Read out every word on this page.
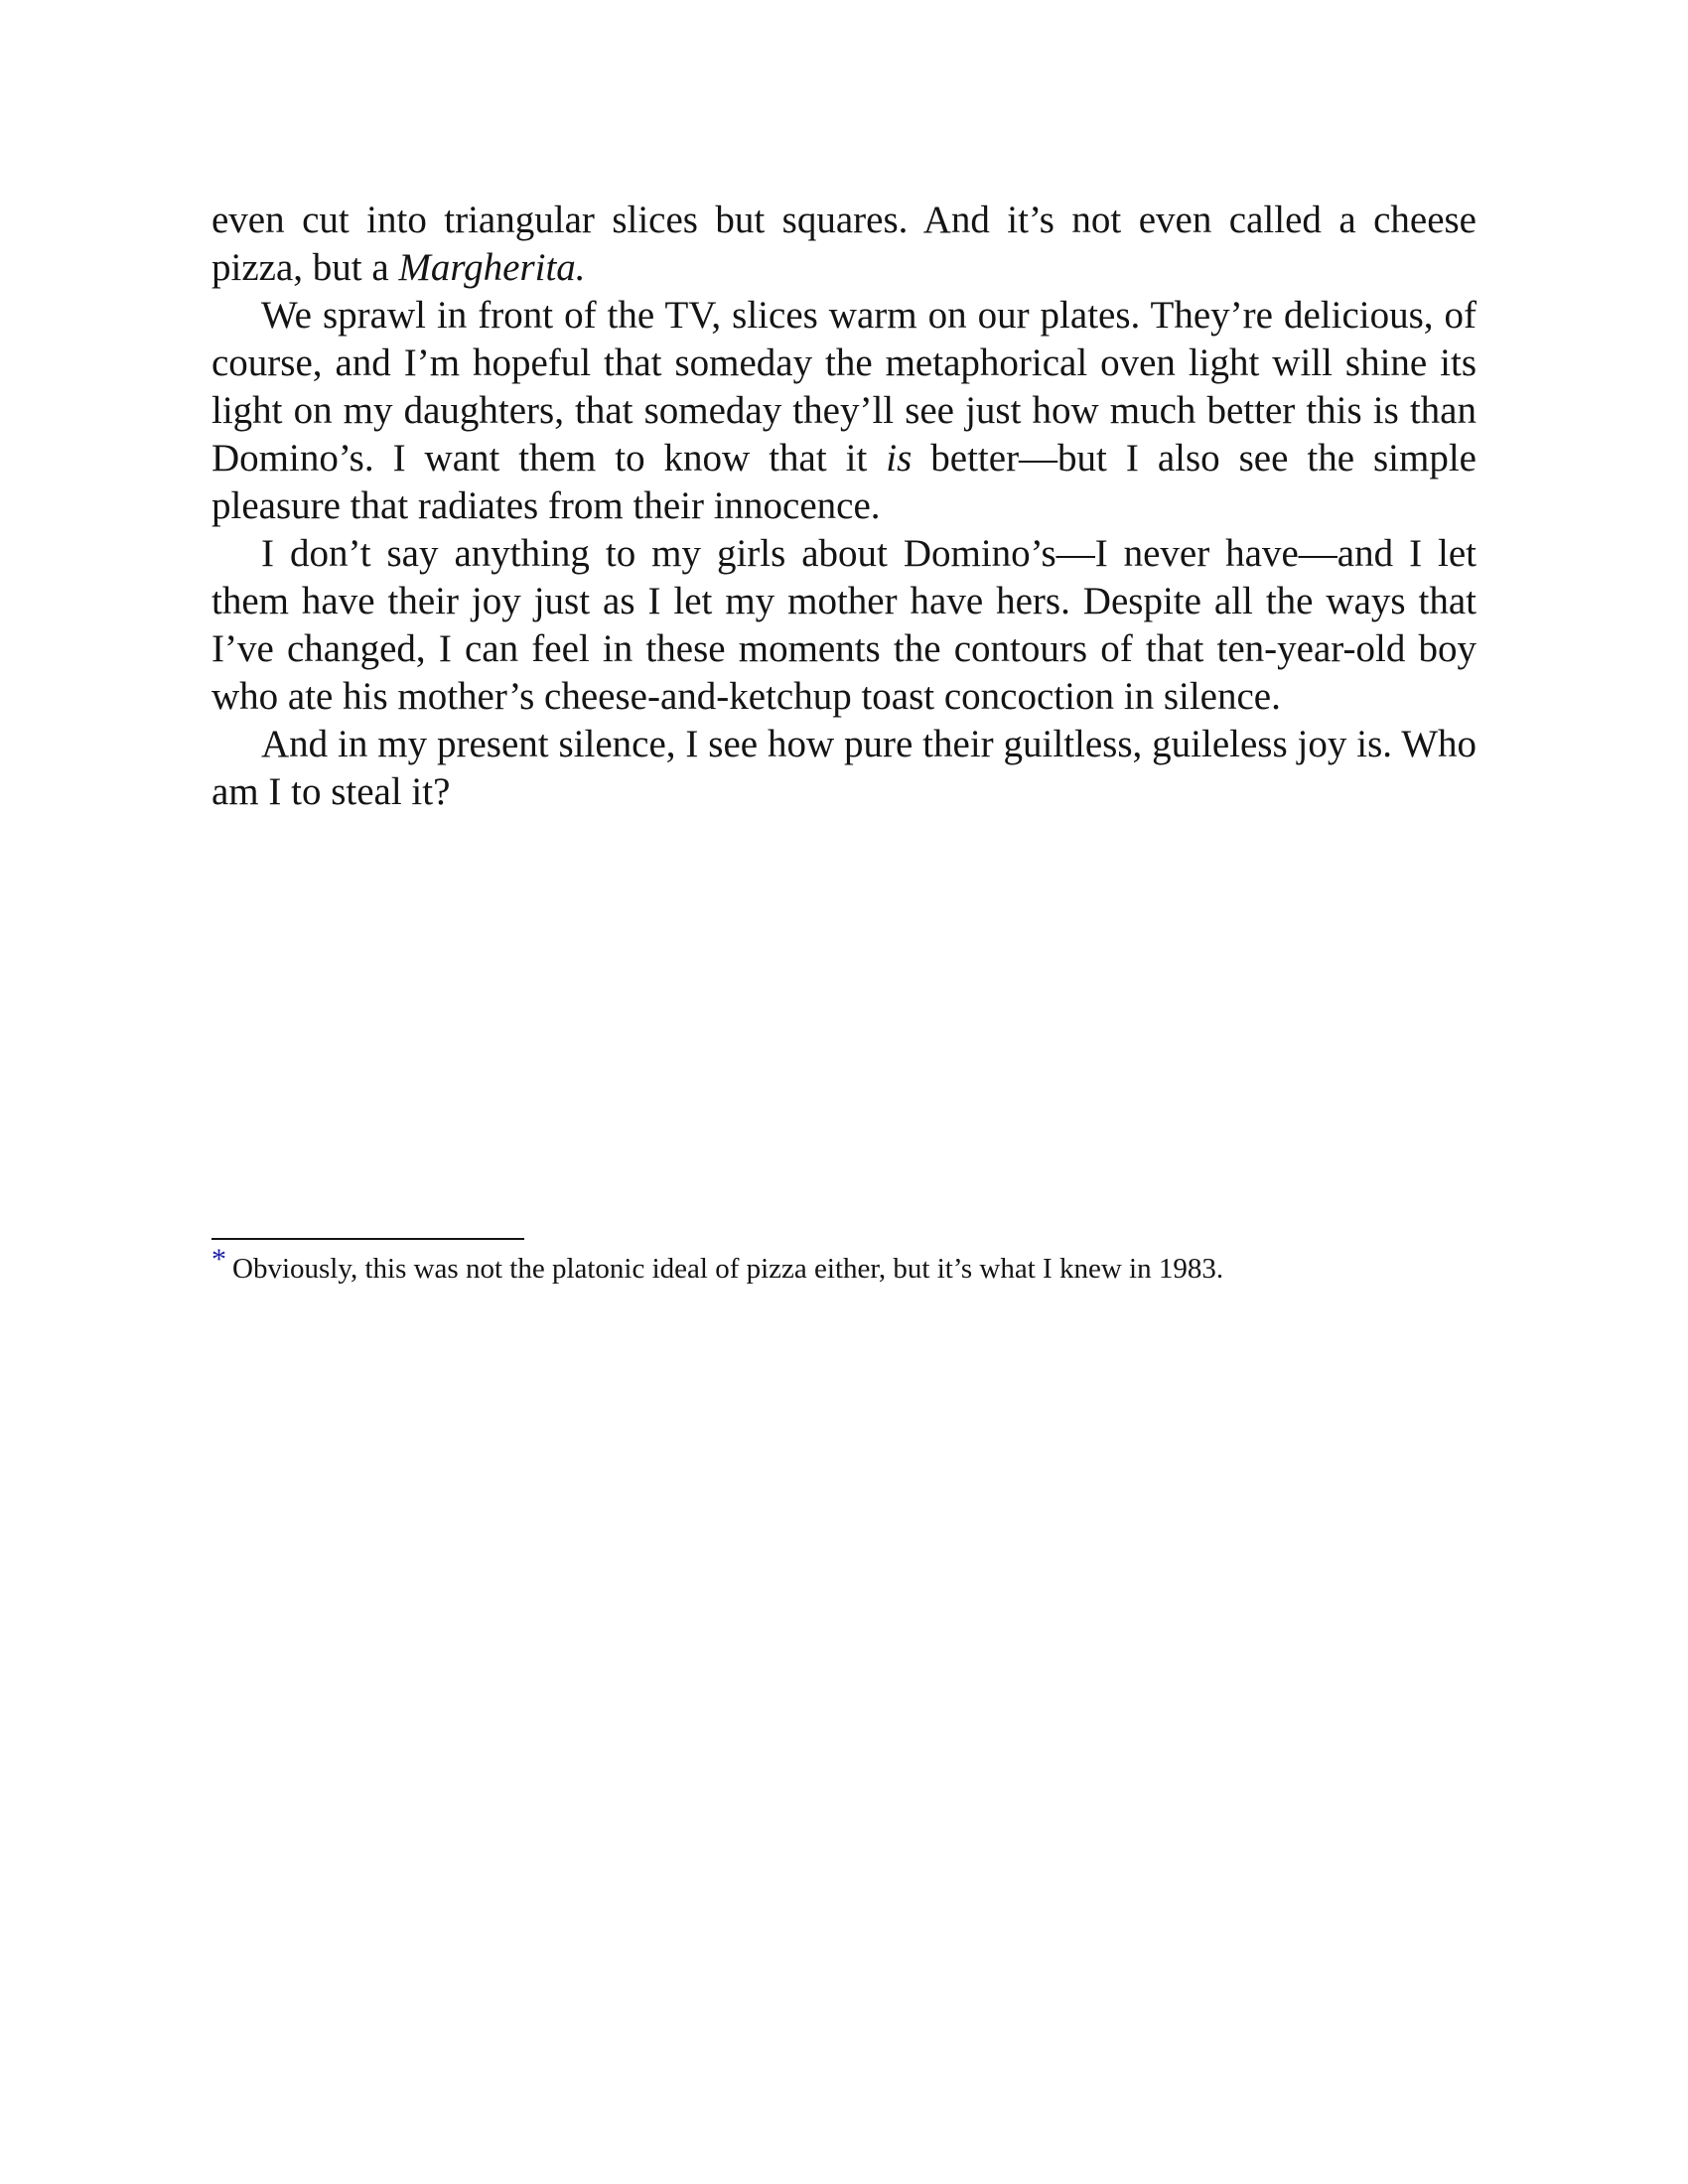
even cut into triangular slices but squares. And it’s not even called a cheese pizza, but a Margherita.

We sprawl in front of the TV, slices warm on our plates. They’re delicious, of course, and I’m hopeful that someday the metaphorical oven light will shine its light on my daughters, that someday they’ll see just how much better this is than Domino’s. I want them to know that it is better—but I also see the simple pleasure that radiates from their innocence.

I don’t say anything to my girls about Domino’s—I never have—and I let them have their joy just as I let my mother have hers. Despite all the ways that I’ve changed, I can feel in these moments the contours of that ten-year-old boy who ate his mother’s cheese-and-ketchup toast concoction in silence.

And in my present silence, I see how pure their guiltless, guileless joy is. Who am I to steal it?

* Obviously, this was not the platonic ideal of pizza either, but it’s what I knew in 1983.
